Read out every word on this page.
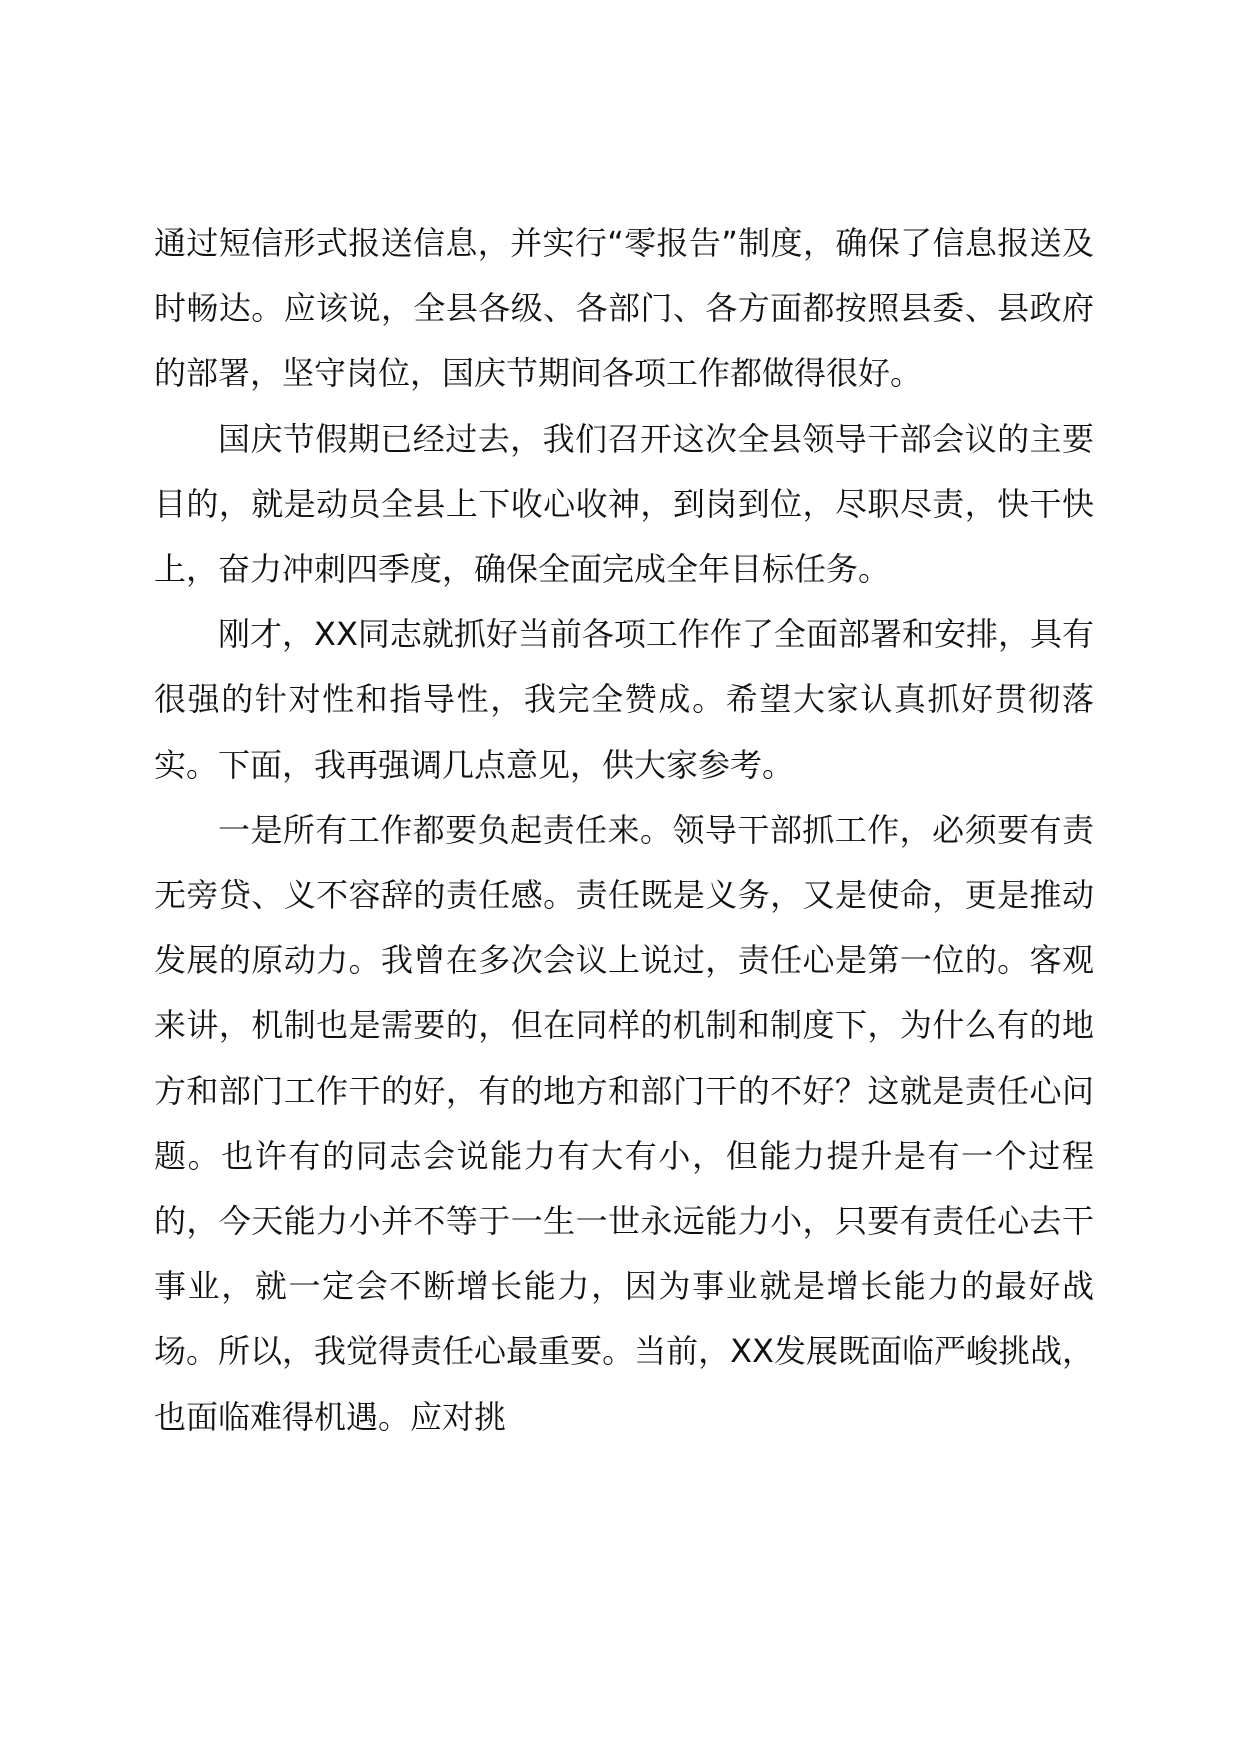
通过短信形式报送信息，并实行“零报告”制度，确保了信息报送及时畅达。应该说，全县各级、各部门、各方面都按照县委、县政府的部署，坚守岗位，国庆节期间各项工作都做得很好。

国庆节假期已经过去，我们召开这次全县领导干部会议的主要目的，就是动员全县上下收心收神，到岗到位，尽职尽责，快干快上，奋力冲刺四季度，确保全面完成全年目标任务。

刚才，XX同志就抓好当前各项工作作了全面部署和安排，具有很强的针对性和指导性，我完全赞成。希望大家认真抓好贯彻落实。下面，我再强调几点意见，供大家参考。

一是所有工作都要负起责任来。领导干部抓工作，必须要有责无旁贷、义不容辞的责任感。责任既是义务，又是使命，更是推动发展的原动力。我曾在多次会议上说过，责任心是第一位的。客观来讲，机制也是需要的，但在同样的机制和制度下，为什么有的地方和部门工作干的好，有的地方和部门干的不好？这就是责任心问题。也许有的同志会说能力有大有小，但能力提升是有一个过程的，今天能力小并不等于一生一世永远能力小，只要有责任心去干事业，就一定会不断增长能力，因为事业就是增长能力的最好战场。所以，我觉得责任心最重要。当前，XX发展既面临严峻挑战，也面临难得机遇。应对挑
